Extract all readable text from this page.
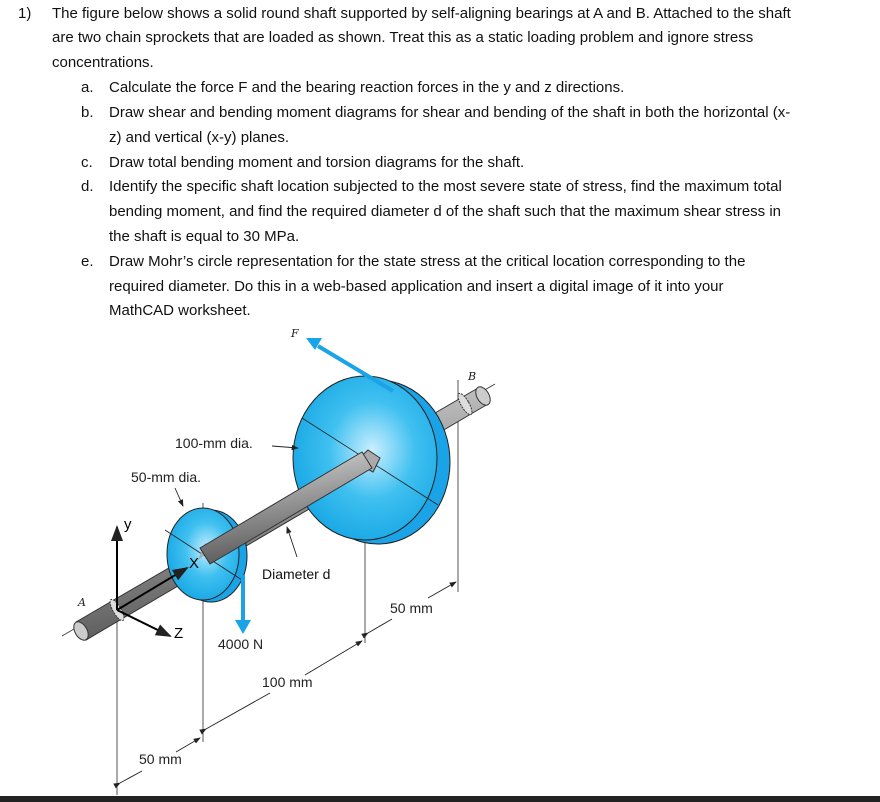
1) The figure below shows a solid round shaft supported by self-aligning bearings at A and B. Attached to the shaft
are two chain sprockets that are loaded as shown. Treat this as a static loading problem and ignore stress
concentrations.
a. Calculate the force F and the bearing reaction forces in the y and z directions.
b. Draw shear and bending moment diagrams for shear and bending of the shaft in both the horizontal (x-
z) and vertical (x-y) planes.
c. Draw total bending moment and torsion diagrams for the shaft.
d. Identify the specific shaft location subjected to the most severe state of stress, find the maximum total
bending moment, and find the required diameter d of the shaft such that the maximum shear stress in
the shaft is equal to 30 MPa.
e. Draw Mohr’s circle representation for the state stress at the critical location corresponding to the
required diameter. Do this in a web-based application and insert a digital image of it into your
MathCAD worksheet.
F
A
B
100-mm dia.
50-mm dia.
Diameter d
4000 N
50 mm
100 mm
50 mm
y
X
Z
